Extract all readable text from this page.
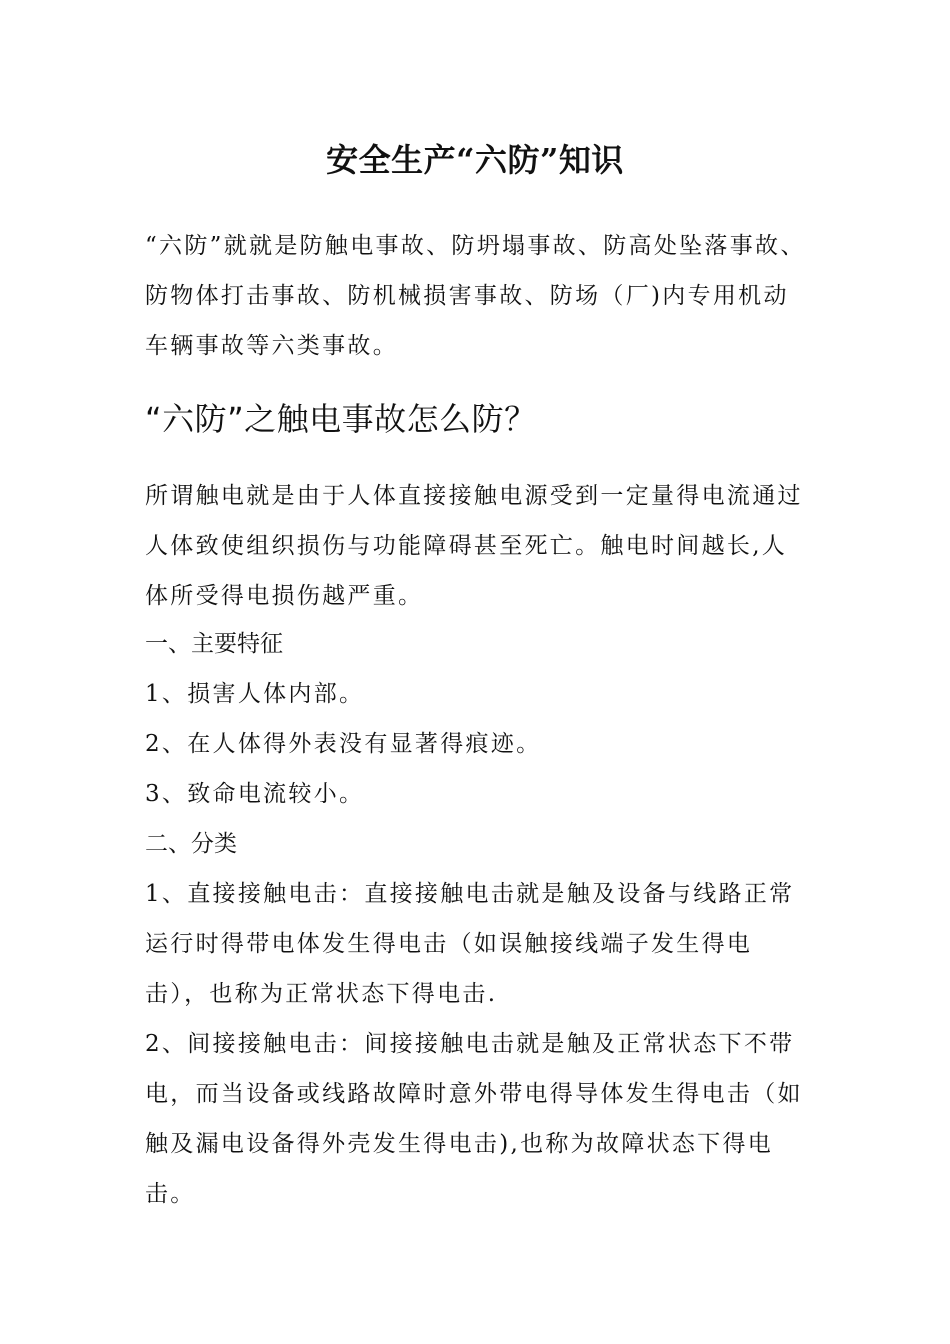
安全生产“六防”知识

“六防”就就是防触电事故、防坍塌事故、防高处坠落事故、防物体打击事故、防机械损害事故、防场（厂)内专用机动车辆事故等六类事故。

“六防”之触电事故怎么防？

所谓触电就是由于人体直接接触电源受到一定量得电流通过人体致使组织损伤与功能障碍甚至死亡。触电时间越长,人体所受得电损伤越严重。

一、主要特征
1、损害人体内部。
2、在人体得外表没有显著得痕迹。
3、致命电流较小。
二、分类

1、直接接触电击：直接接触电击就是触及设备与线路正常运行时得带电体发生得电击（如误触接线端子发生得电击），也称为正常状态下得电击.

2、间接接触电击：间接接触电击就是触及正常状态下不带电，而当设备或线路故障时意外带电得导体发生得电击（如触及漏电设备得外壳发生得电击),也称为故障状态下得电击。
